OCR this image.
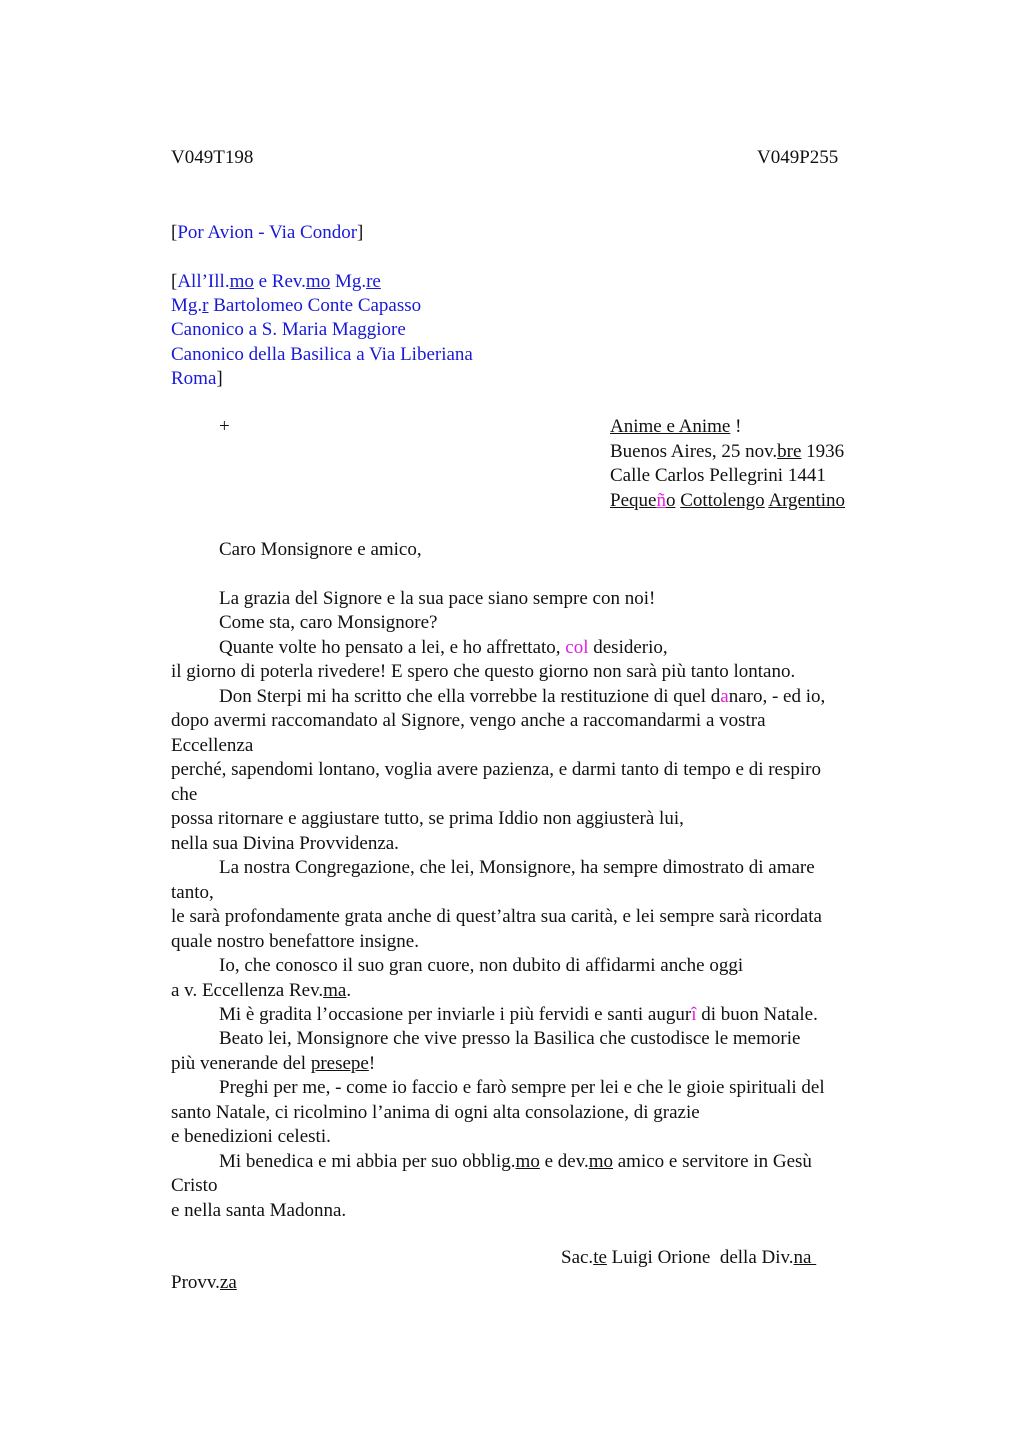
V049T198	V049P255
[Por Avion - Via Condor]
[All’Ill.mo e Rev.mo Mg.re
Mg.r Bartolomeo Conte Capasso
Canonico a S. Maria Maggiore
Canonico della Basilica a Via Liberiana
Roma]
+	Anime e Anime !
Buenos Aires, 25 nov.bre 1936
Calle Carlos Pellegrini 1441
Pequeño Cottolengo Argentino
Caro Monsignore e amico,
La grazia del Signore e la sua pace siano sempre con noi!
Come sta, caro Monsignore?
Quante volte ho pensato a lei, e ho affrettato, col desiderio,
il giorno di poterla rivedere! E spero che questo giorno non sarà più tanto lontano.
Don Sterpi mi ha scritto che ella vorrebbe la restituzione di quel danaro, - ed io,
dopo avermi raccomandato al Signore, vengo anche a raccomandarmi a vostra
Eccellenza
perché, sapendomi lontano, voglia avere pazienza, e darmi tanto di tempo e di respiro
che
possa ritornare e aggiustare tutto, se prima Iddio non aggiusterà lui,
nella sua Divina Provvidenza.
La nostra Congregazione, che lei, Monsignore, ha sempre dimostrato di amare
tanto,
le sarà profondamente grata anche di quest’altra sua carità, e lei sempre sarà ricordata
quale nostro benefattore insigne.
Io, che conosco il suo gran cuore, non dubito di affidarmi anche oggi
a v. Eccellenza Rev.ma.
Mi è gradita l’occasione per inviarle i più fervidi e santi augurî di buon Natale.
Beato lei, Monsignore che vive presso la Basilica che custodisce le memorie
più venerande del presepe!
Preghi per me, - come io faccio e farò sempre per lei e che le gioie spirituali del
santo Natale, ci ricolmino l’anima di ogni alta consolazione, di grazie
e benedizioni celesti.
Mi benedica e mi abbia per suo obblig.mo e dev.mo amico e servitore in Gesù
Cristo
e nella santa Madonna.
Sac.te Luigi Orione  della Div.na
Provv.za
